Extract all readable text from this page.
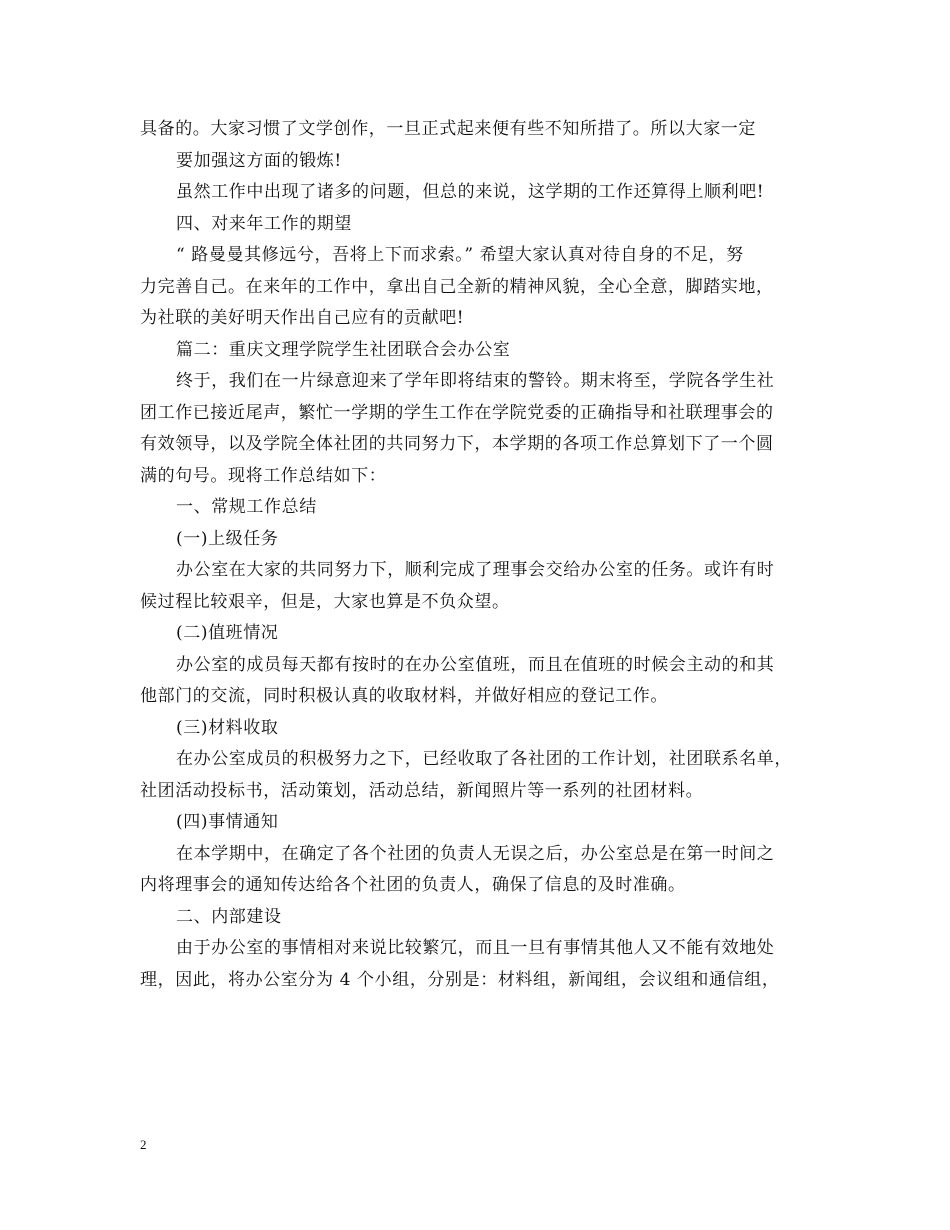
具备的。大家习惯了文学创作，一旦正式起来便有些不知所措了。所以大家一定
要加强这方面的锻炼!
虽然工作中出现了诸多的问题，但总的来说，这学期的工作还算得上顺利吧!
四、对来年工作的期望
“ 路曼曼其修远兮，吾将上下而求索。” 希望大家认真对待自身的不足，努
力完善自己。在来年的工作中，拿出自己全新的精神风貌，全心全意，脚踏实地，
为社联的美好明天作出自己应有的贡献吧!
篇二：重庆文理学院学生社团联合会办公室
终于，我们在一片绿意迎来了学年即将结束的警铃。期末将至，学院各学生社
团工作已接近尾声，繁忙一学期的学生工作在学院党委的正确指导和社联理事会的
有效领导，以及学院全体社团的共同努力下，本学期的各项工作总算划下了一个圆
满的句号。现将工作总结如下：
一、常规工作总结
(一)上级任务
办公室在大家的共同努力下，顺利完成了理事会交给办公室的任务。或许有时
候过程比较艰辛，但是，大家也算是不负众望。
(二)值班情况
办公室的成员每天都有按时的在办公室值班，而且在值班的时候会主动的和其
他部门的交流，同时积极认真的收取材料，并做好相应的登记工作。
(三)材料收取
在办公室成员的积极努力之下，已经收取了各社团的工作计划，社团联系名单，
社团活动投标书，活动策划，活动总结，新闻照片等一系列的社团材料。
(四)事情通知
在本学期中，在确定了各个社团的负责人无误之后，办公室总是在第一时间之
内将理事会的通知传达给各个社团的负责人，确保了信息的及时准确。
二、内部建设
由于办公室的事情相对来说比较繁冗，而且一旦有事情其他人又不能有效地处
理，因此，将办公室分为 4 个小组，分别是：材料组，新闻组，会议组和通信组，
2
